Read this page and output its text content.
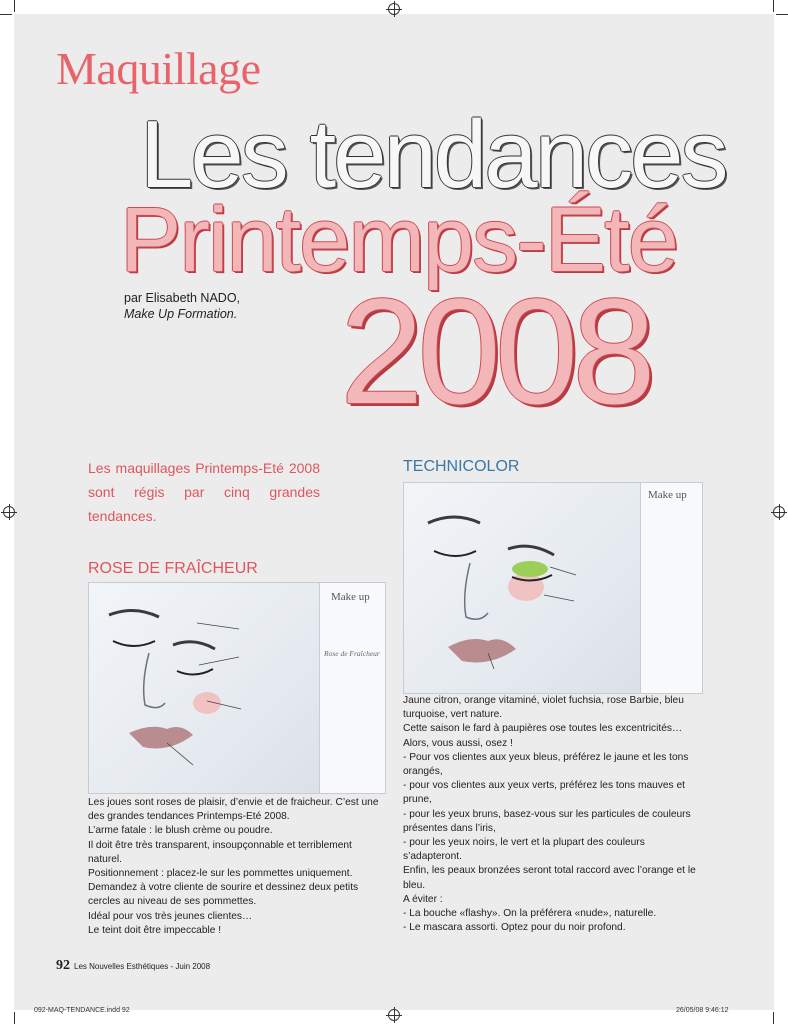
Maquillage
Les tendances
Printemps-Été
2008
par Elisabeth NADO,
Make Up Formation.

Les maquillages Printemps-Eté 2008 sont régis par cinq grandes tendances.

ROSE DE FRAÎCHEUR
TECHNICOLOR

Make up

Rose de Fraîcheur

Make up

Les joues sont roses de plaisir, d’envie et de fraicheur. C’est une des grandes tendances Printemps-Eté 2008.

L’arme fatale : le blush crème ou poudre.

Il doit être très transparent, insoupçonnable et terriblement naturel.

Positionnement : placez-le sur les pommettes uniquement. Demandez à votre cliente de sourire et dessinez deux petits cercles au niveau de ses pommettes.

Idéal pour vos très jeunes clientes…

Le teint doit être impeccable !

Jaune citron, orange vitaminé, violet fuchsia, rose Barbie, bleu turquoise, vert nature.

Cette saison le fard à paupières ose toutes les excentricités…

Alors, vous aussi, osez !

- Pour vos clientes aux yeux bleus, préférez le jaune et les tons orangés,

- pour vos clientes aux yeux verts, préférez les tons mauves et prune,

- pour les yeux bruns, basez-vous sur les particules de couleurs présentes dans l’iris,

- pour les yeux noirs, le vert et la plupart des couleurs s’adapteront.

Enfin, les peaux bronzées seront total raccord avec l’orange et le bleu.

A éviter :

- La bouche «flashy». On la préférera «nude», naturelle.

- Le mascara assorti. Optez pour du noir profond.

92 Les Nouvelles Esthétiques - Juin 2008
092-MAQ-TENDANCE.indd 92	26/05/08 9:46:12
